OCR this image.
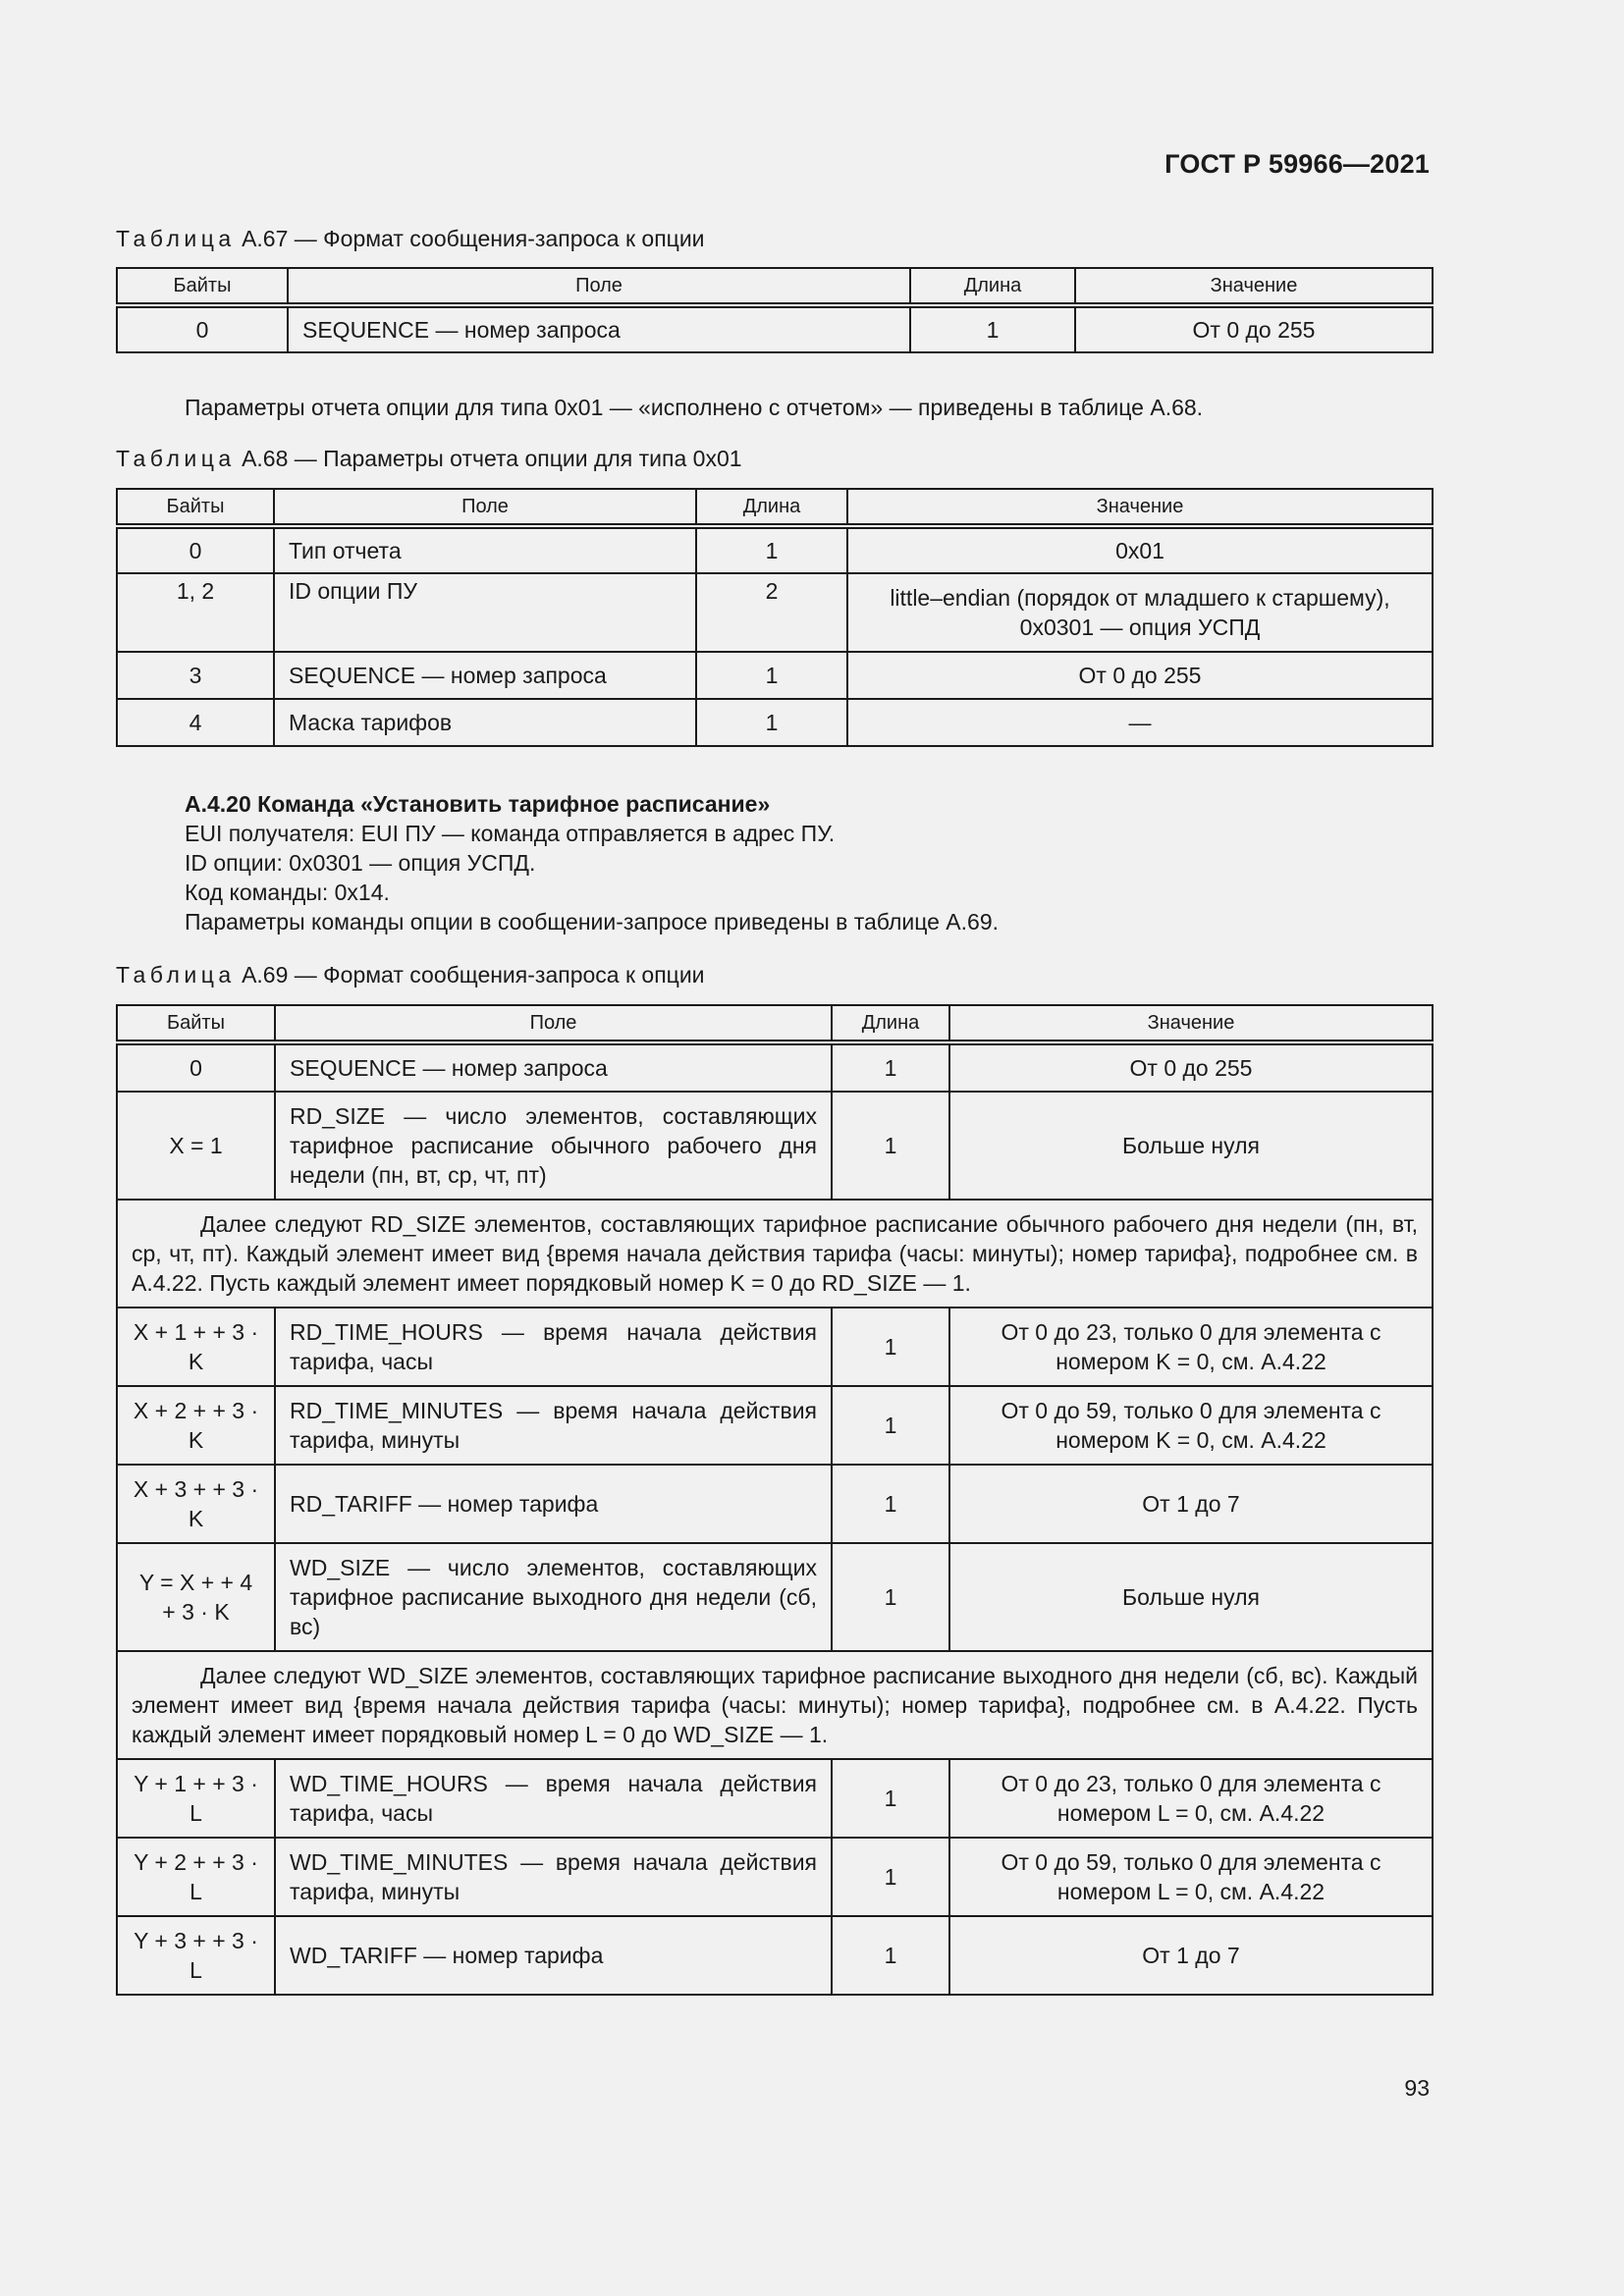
ГОСТ Р 59966—2021
Таблица А.67 — Формат сообщения-запроса к опции
Байты	Поле	Длина	Значение
0	SEQUENCE — номер запроса	1	От 0 до 255
Параметры отчета опции для типа 0x01 — «исполнено с отчетом» — приведены в таблице А.68.
Таблица А.68 — Параметры отчета опции для типа 0x01
Байты	Поле	Длина	Значение
0	Тип отчета	1	0x01
1, 2	ID опции ПУ	2	little–endian (порядок от младшего к старшему), 0x0301 — опция УСПД
3	SEQUENCE — номер запроса	1	От 0 до 255
4	Маска тарифов	1	—
А.4.20 Команда «Установить тарифное расписание»
EUI получателя: EUI ПУ — команда отправляется в адрес ПУ.
ID опции: 0x0301 — опция УСПД.
Код команды: 0x14.
Параметры команды опции в сообщении-запросе приведены в таблице А.69.
Таблица А.69 — Формат сообщения-запроса к опции
Байты	Поле	Длина	Значение
0	SEQUENCE — номер запроса	1	От 0 до 255
X = 1	RD_SIZE — число элементов, составляющих тарифное расписание обычного рабочего дня недели (пн, вт, ср, чт, пт)	1	Больше нуля
Далее следуют RD_SIZE элементов, составляющих тарифное расписание обычного рабочего дня недели (пн, вт, ср, чт, пт). Каждый элемент имеет вид {время начала действия тарифа (часы: минуты); номер тарифа}, подробнее см. в А.4.22. Пусть каждый элемент имеет порядковый номер K = 0 до RD_SIZE — 1.			
X + 1 + + 3 · K	RD_TIME_HOURS — время начала действия тарифа, часы	1	От 0 до 23, только 0 для элемента с номером K = 0, см. А.4.22
X + 2 + + 3 · K	RD_TIME_MINUTES — время начала действия тарифа, минуты	1	От 0 до 59, только 0 для элемента с номером K = 0, см. А.4.22
X + 3 + + 3 · K	RD_TARIFF — номер тарифа	1	От 1 до 7
Y = X + + 4 + 3 · K	WD_SIZE — число элементов, составляющих тарифное расписание выходного дня недели (сб, вс)	1	Больше нуля
Далее следуют WD_SIZE элементов, составляющих тарифное расписание выходного дня недели (сб, вс). Каждый элемент имеет вид {время начала действия тарифа (часы: минуты); номер тарифа}, подробнее см. в А.4.22. Пусть каждый элемент имеет порядковый номер L = 0 до WD_SIZE — 1.			
Y + 1 + + 3 · L	WD_TIME_HOURS — время начала действия тарифа, часы	1	От 0 до 23, только 0 для элемента с номером L = 0, см. А.4.22
Y + 2 + + 3 · L	WD_TIME_MINUTES — время начала действия тарифа, минуты	1	От 0 до 59, только 0 для элемента с номером L = 0, см. А.4.22
Y + 3 + + 3 · L	WD_TARIFF — номер тарифа	1	От 1 до 7
93
